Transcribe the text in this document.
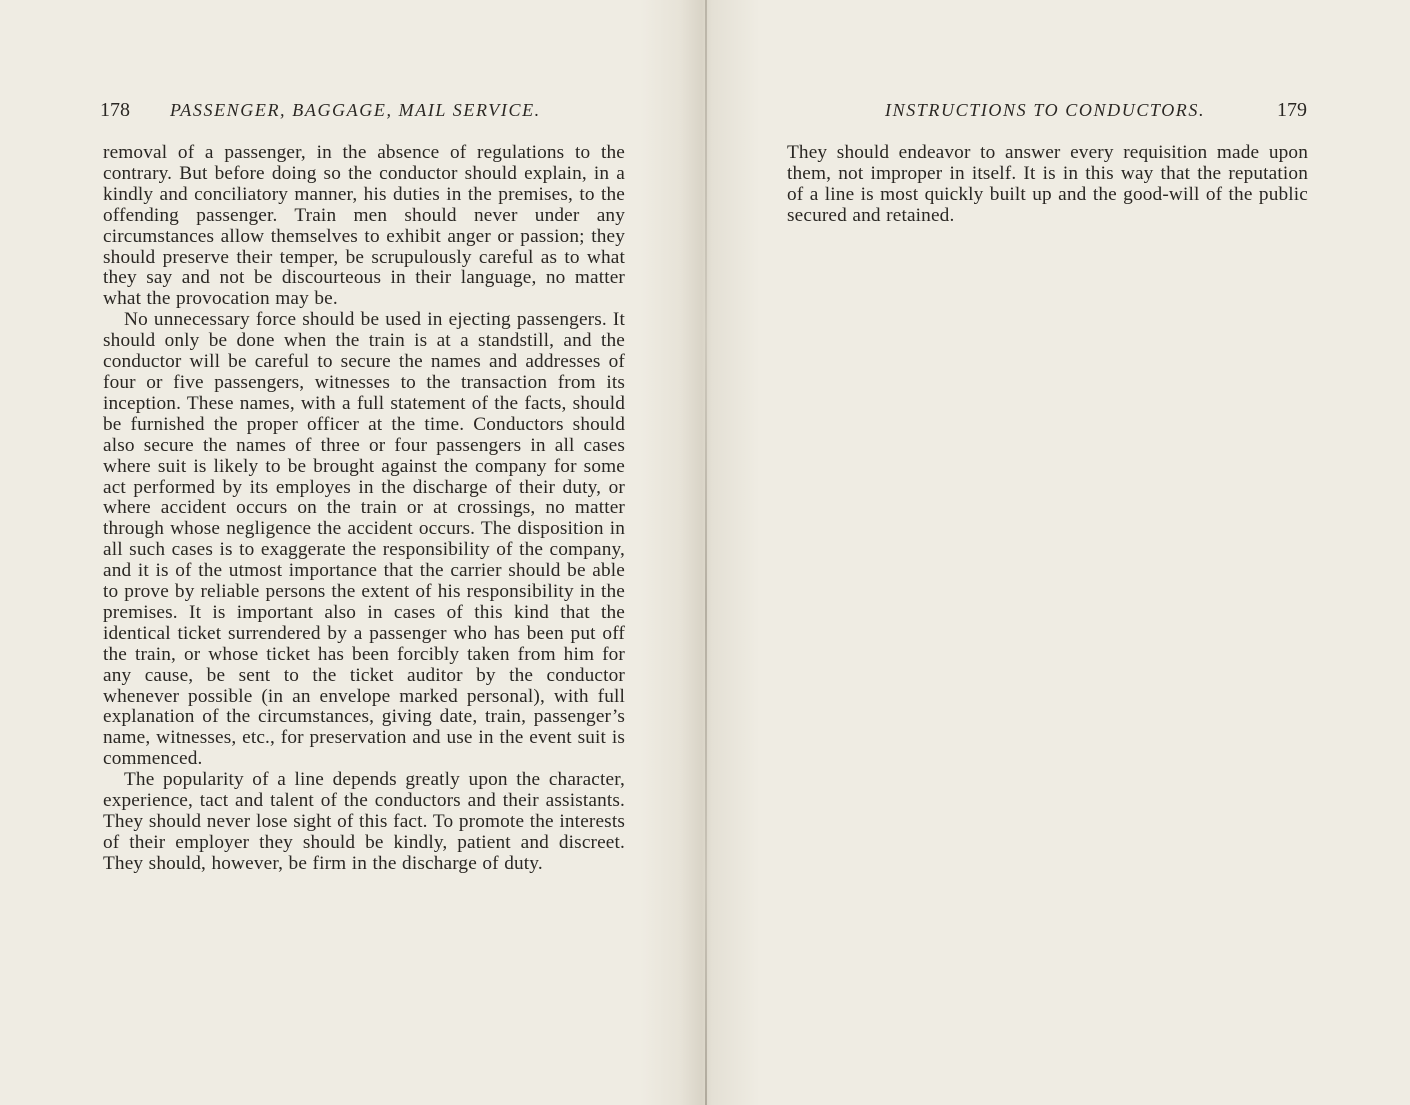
178 PASSENGER, BAGGAGE, MAIL SERVICE.

removal of a passenger, in the absence of regulations to the contrary. But before doing so the conductor should explain, in a kindly and conciliatory manner, his duties in the premises, to the offending passenger. Train men should never under any circumstances allow themselves to exhibit anger or passion; they should preserve their temper, be scrupulously careful as to what they say and not be discourteous in their language, no matter what the provocation may be.

No unnecessary force should be used in ejecting passengers. It should only be done when the train is at a standstill, and the conductor will be careful to secure the names and addresses of four or five passengers, witnesses to the transaction from its inception. These names, with a full statement of the facts, should be furnished the proper officer at the time. Conductors should also secure the names of three or four passengers in all cases where suit is likely to be brought against the company for some act performed by its employes in the discharge of their duty, or where accident occurs on the train or at crossings, no matter through whose negligence the accident occurs. The disposition in all such cases is to exaggerate the responsibility of the company, and it is of the utmost importance that the carrier should be able to prove by reliable persons the extent of his responsibility in the premises. It is important also in cases of this kind that the identical ticket surrendered by a passenger who has been put off the train, or whose ticket has been forcibly taken from him for any cause, be sent to the ticket auditor by the conductor whenever possible (in an envelope marked personal), with full explanation of the circumstances, giving date, train, passenger’s name, witnesses, etc., for preservation and use in the event suit is commenced.

The popularity of a line depends greatly upon the character, experience, tact and talent of the conductors and their assistants. They should never lose sight of this fact. To promote the interests of their employer they should be kindly, patient and discreet. They should, however, be firm in the discharge of duty.

INSTRUCTIONS TO CONDUCTORS.	179

They should endeavor to answer every requisition made upon them, not improper in itself. It is in this way that the reputation of a line is most quickly built up and the good-will of the public secured and retained.
